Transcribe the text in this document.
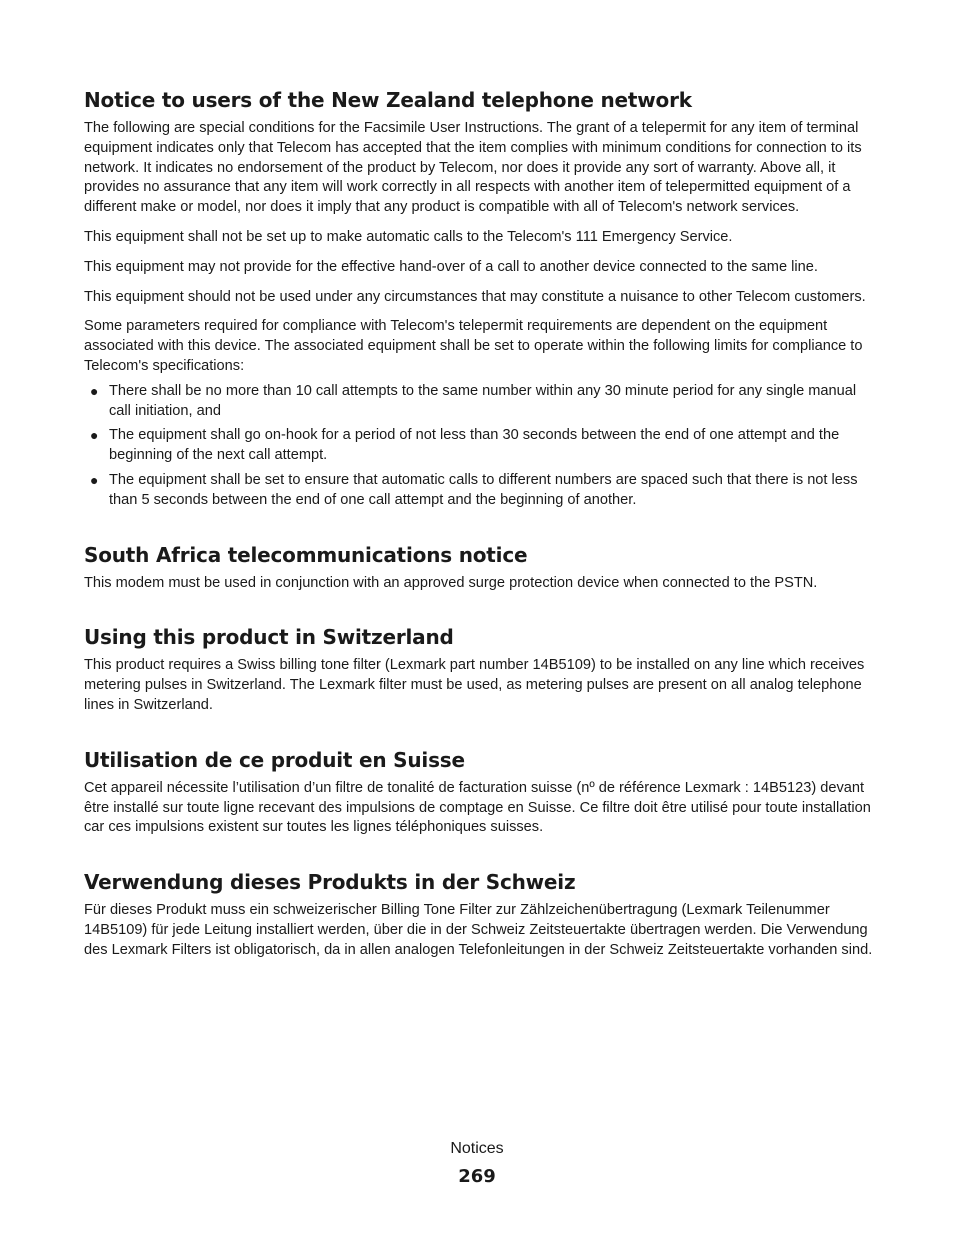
Notice to users of the New Zealand telephone network

The following are special conditions for the Facsimile User Instructions. The grant of a telepermit for any item of terminal equipment indicates only that Telecom has accepted that the item complies with minimum conditions for connection to its network. It indicates no endorsement of the product by Telecom, nor does it provide any sort of warranty. Above all, it provides no assurance that any item will work correctly in all respects with another item of telepermitted equipment of a different make or model, nor does it imply that any product is compatible with all of Telecom's network services.

This equipment shall not be set up to make automatic calls to the Telecom's 111 Emergency Service.

This equipment may not provide for the effective hand-over of a call to another device connected to the same line.

This equipment should not be used under any circumstances that may constitute a nuisance to other Telecom customers.

Some parameters required for compliance with Telecom's telepermit requirements are dependent on the equipment associated with this device. The associated equipment shall be set to operate within the following limits for compliance to Telecom's specifications:

● There shall be no more than 10 call attempts to the same number within any 30 minute period for any single manual call initiation, and
● The equipment shall go on-hook for a period of not less than 30 seconds between the end of one attempt and the beginning of the next call attempt.
● The equipment shall be set to ensure that automatic calls to different numbers are spaced such that there is not less than 5 seconds between the end of one call attempt and the beginning of another.
South Africa telecommunications notice

This modem must be used in conjunction with an approved surge protection device when connected to the PSTN.

Using this product in Switzerland

This product requires a Swiss billing tone filter (Lexmark part number 14B5109) to be installed on any line which receives metering pulses in Switzerland. The Lexmark filter must be used, as metering pulses are present on all analog telephone lines in Switzerland.

Utilisation de ce produit en Suisse

Cet appareil nécessite l’utilisation d’un filtre de tonalité de facturation suisse (nº de référence Lexmark : 14B5123) devant être installé sur toute ligne recevant des impulsions de comptage en Suisse. Ce filtre doit être utilisé pour toute installation car ces impulsions existent sur toutes les lignes téléphoniques suisses.

Verwendung dieses Produkts in der Schweiz

Für dieses Produkt muss ein schweizerischer Billing Tone Filter zur Zählzeichenübertragung (Lexmark Teilenummer 14B5109) für jede Leitung installiert werden, über die in der Schweiz Zeitsteuertakte übertragen werden. Die Verwendung des Lexmark Filters ist obligatorisch, da in allen analogen Telefonleitungen in der Schweiz Zeitsteuertakte vorhanden sind.

Notices
269
